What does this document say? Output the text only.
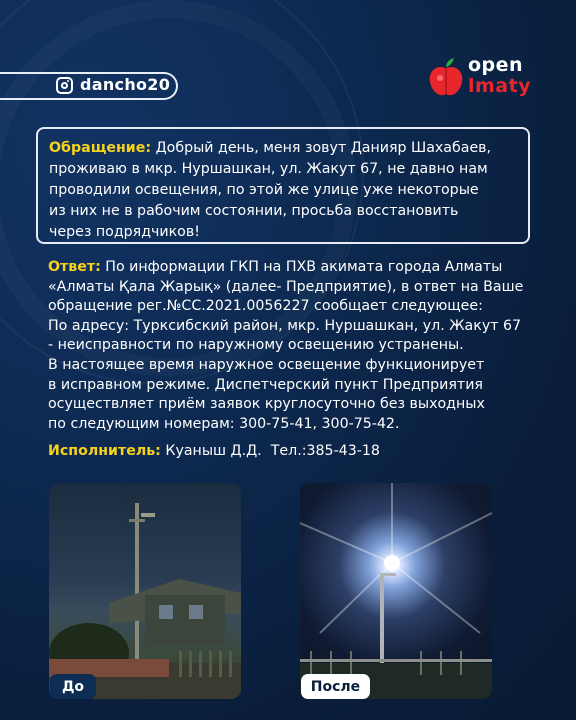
dancho20
open
lmaty
Обращение: Добрый день, меня зовут Данияр Шахабаев,
проживаю в мкр. Нуршашкан, ул. Жакут 67, не давно нам
проводили освещения, по этой же улице уже некоторые
из них не в рабочим состоянии, просьба восстановить
через подрядчиков!
Ответ: По информации ГКП на ПХВ акимата города Алматы
«Алматы Қала Жарық» (далее- Предприятие), в ответ на Ваше
обращение рег.№СС.2021.0056227 сообщает следующее:
По адресу: Турксибский район, мкр. Нуршашкан, ул. Жакут 67
- неисправности по наружному освещению устранены.
В настоящее время наружное освещение функционирует
в исправном режиме. Диспетчерский пункт Предприятия
осуществляет приём заявок круглосуточно без выходных
по следующим номерам: 300-75-41, 300-75-42.
Исполнитель: Куаныш Д.Д. Тел.:385-43-18
До	После
